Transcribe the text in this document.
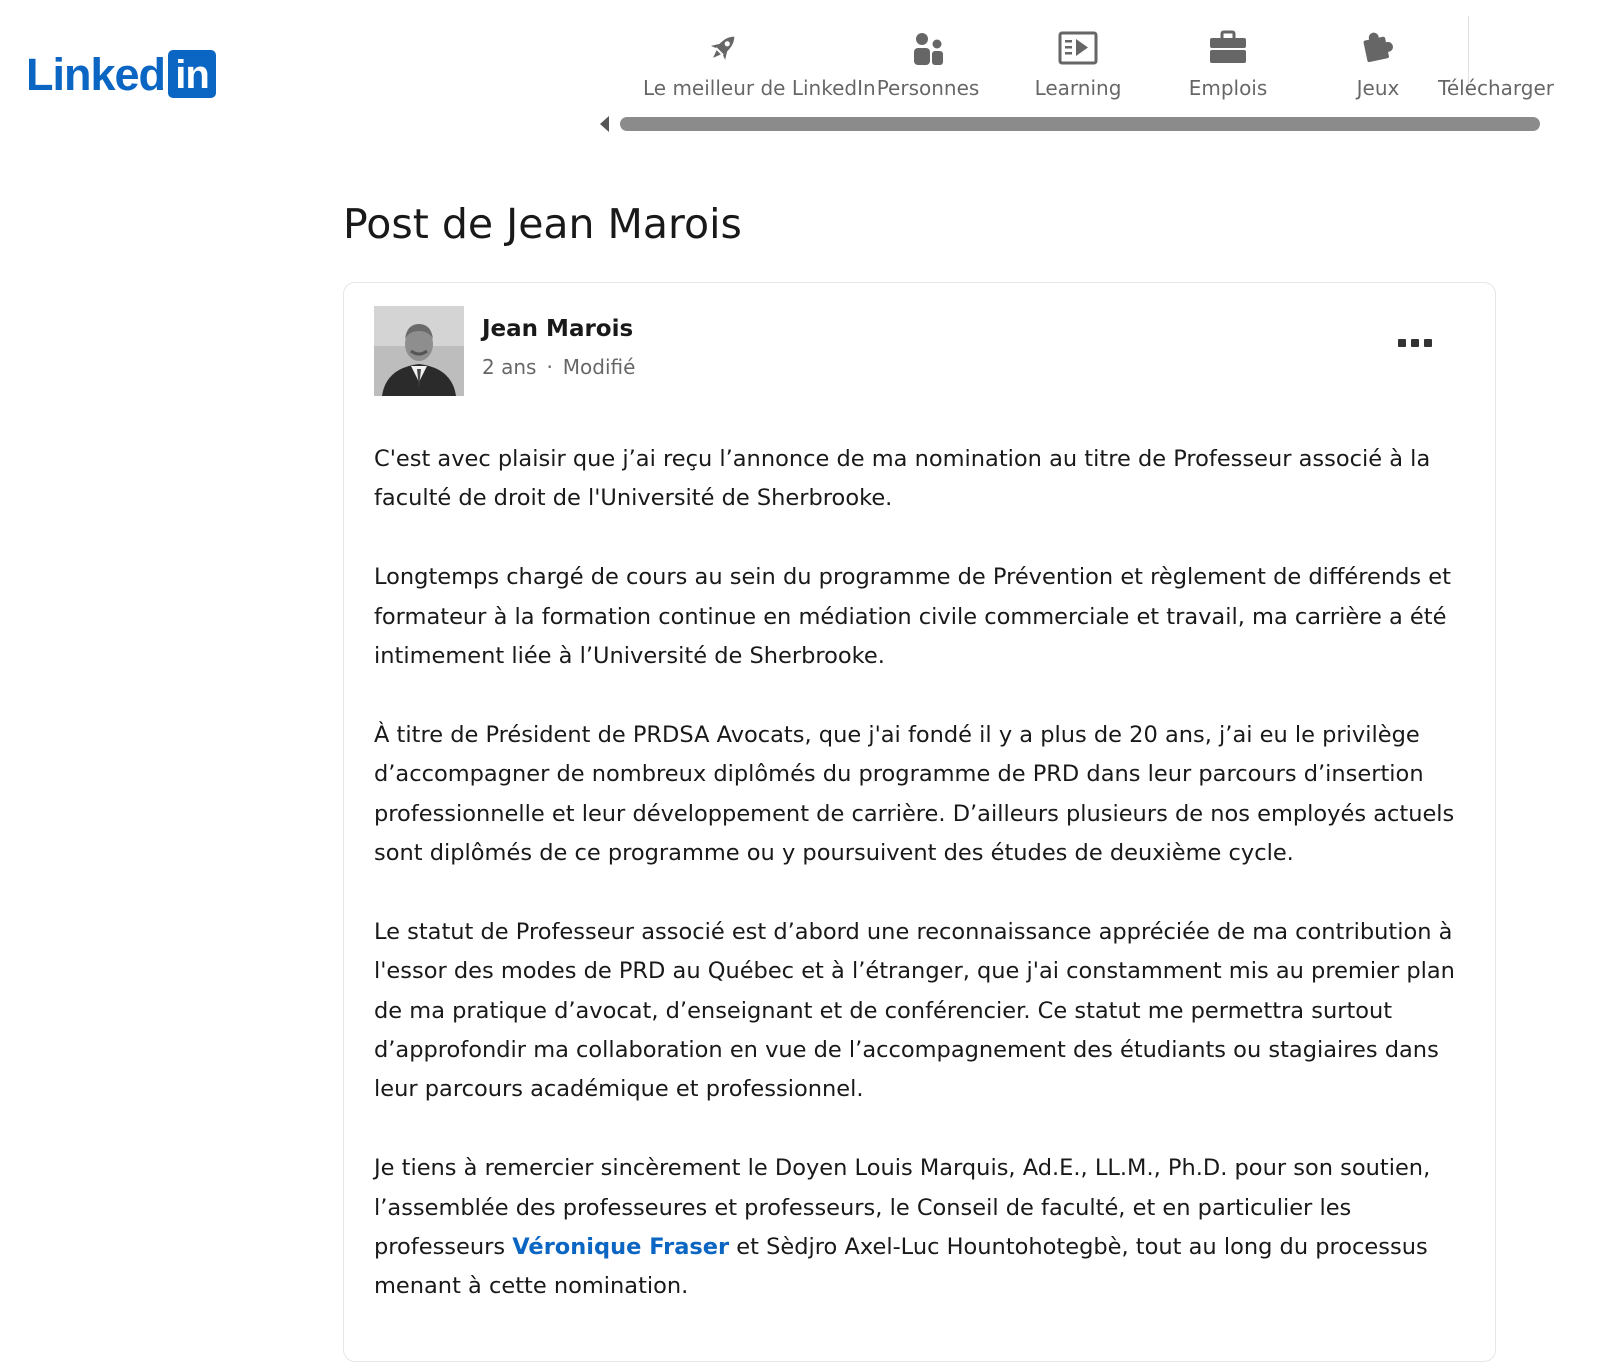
Linked in	Le meilleur de LinkedIn Personnes	Learning	Emplois	Jeux	Télécharger
Post de Jean Marois
Jean Marois
2 ans · Modifié

C'est avec plaisir que j’ai reçu l’annonce de ma nomination au titre de Professeur associé à la faculté de droit de l'Université de Sherbrooke.

Longtemps chargé de cours au sein du programme de Prévention et règlement de différends et formateur à la formation continue en médiation civile commerciale et travail, ma carrière a été intimement liée à l’Université de Sherbrooke.

À titre de Président de PRDSA Avocats, que j'ai fondé il y a plus de 20 ans, j’ai eu le privilège d’accompagner de nombreux diplômés du programme de PRD dans leur parcours d’insertion professionnelle et leur développement de carrière. D’ailleurs plusieurs de nos employés actuels sont diplômés de ce programme ou y poursuivent des études de deuxième cycle.

Le statut de Professeur associé est d’abord une reconnaissance appréciée de ma contribution à l'essor des modes de PRD au Québec et à l’étranger, que j'ai constamment mis au premier plan de ma pratique d’avocat, d’enseignant et de conférencier. Ce statut me permettra surtout d’approfondir ma collaboration en vue de l’accompagnement des étudiants ou stagiaires dans leur parcours académique et professionnel.

Je tiens à remercier sincèrement le Doyen Louis Marquis, Ad.E., LL.M., Ph.D. pour son soutien, l’assemblée des professeures et professeurs, le Conseil de faculté, et en particulier les professeurs Véronique Fraser et Sèdjro Axel-Luc Hountohotegbè, tout au long du processus menant à cette nomination.
